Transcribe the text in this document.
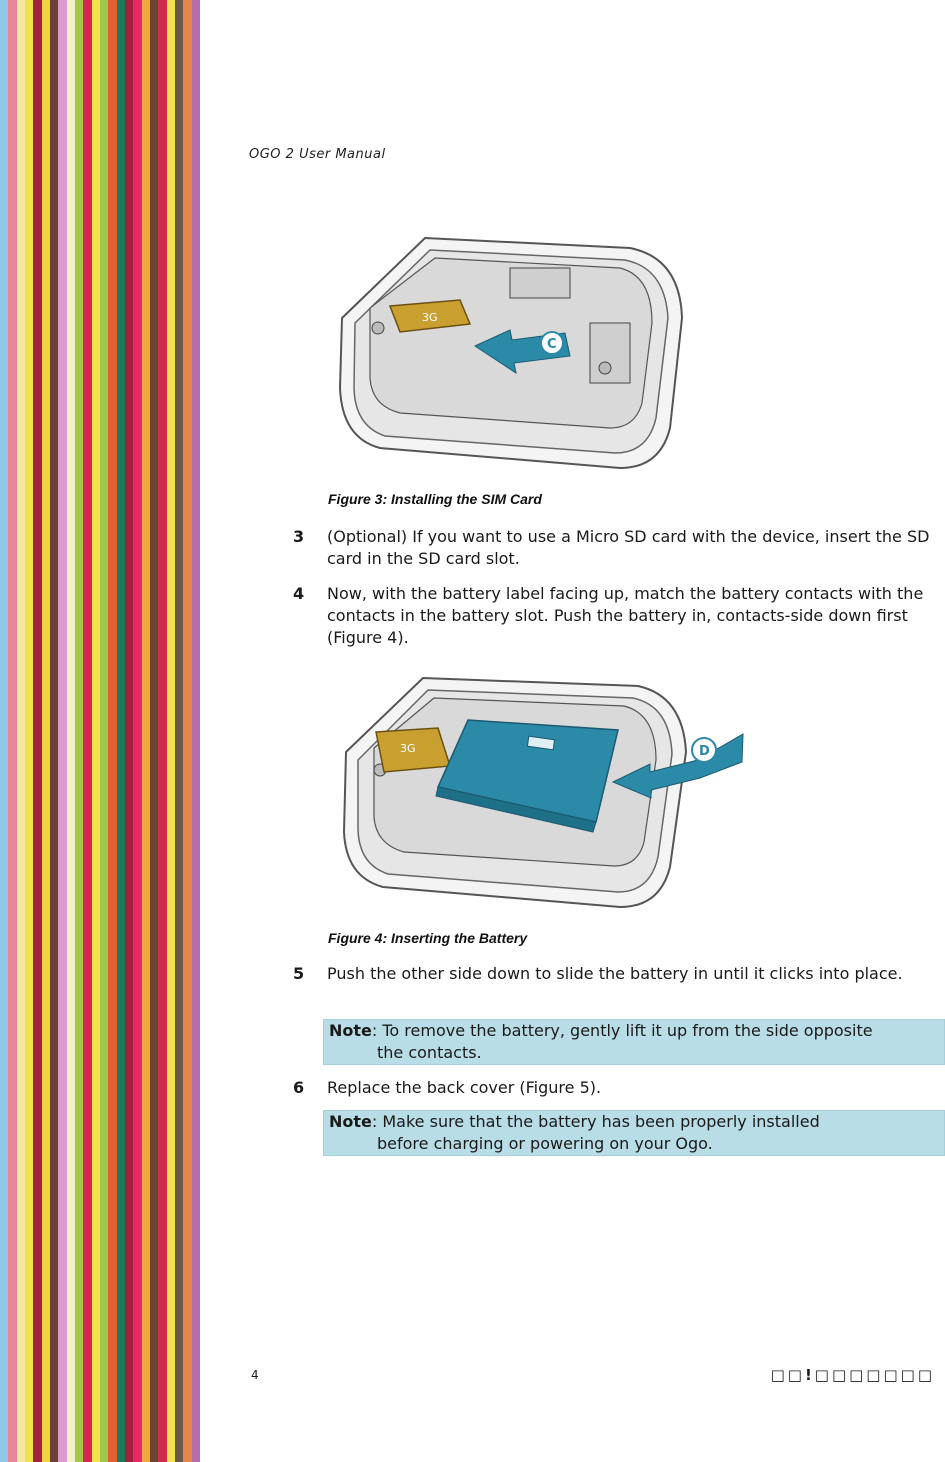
OGO 2 User Manual
3G
C
Figure 3: Installing the SIM Card
3 (Optional) If you want to use a Micro SD card with the device, insert the SD card in the SD card slot.
4 Now, with the battery label facing up, match the battery contacts with the contacts in the battery slot. Push the battery in, contacts-side down first (Figure 4).
3G	D
Figure 4: Inserting the Battery
5 Push the other side down to slide the battery in until it clicks into place.
Note: To remove the battery, gently lift it up from the side opposite
the contacts.
6 Replace the back cover (Figure 5).
Note: Make sure that the battery has been properly installed
before charging or powering on your Ogo.
4	□□!□□□□□□□
